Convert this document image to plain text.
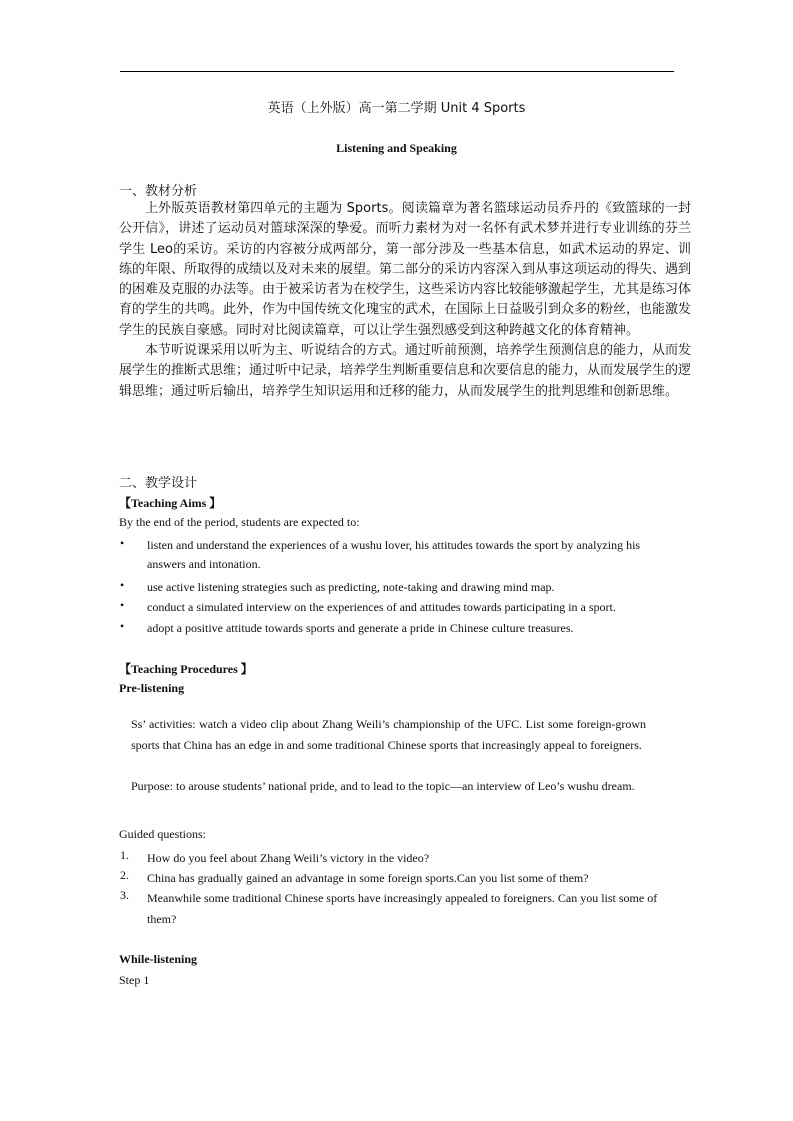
· · · · · · · · ·
英语（上外版）高一第二学期 Unit 4 Sports
Listening and Speaking
一、教材分析

上外版英语教材第四单元的主题为 Sports。阅读篇章为著名篮球运动员乔丹的《致篮球的一封公开信》，讲述了运动员对篮球深深的挚爱。而听力素材为对一名怀有武术梦并进行专业训练的芬兰学生 Leo的采访。采访的内容被分成两部分，第一部分涉及一些基本信息，如武术运动的界定、训练的年限、所取得的成绩以及对未来的展望。第二部分的采访内容深入到从事这项运动的得失、遇到的困难及克服的办法等。由于被采访者为在校学生，这些采访内容比较能够激起学生，尤其是练习体育的学生的共鸣。此外，作为中国传统文化瑰宝的武术，在国际上日益吸引到众多的粉丝，也能激发学生的民族自豪感。同时对比阅读篇章，可以让学生强烈感受到这种跨越文化的体育精神。

本节听说课采用以听为主、听说结合的方式。通过听前预测，培养学生预测信息的能力，从而发展学生的推断式思维；通过听中记录，培养学生判断重要信息和次要信息的能力，从而发展学生的逻辑思维；通过听后输出，培养学生知识运用和迁移的能力，从而发展学生的批判思维和创新思维。

二、教学设计
【Teaching Aims 】
By the end of the period, students are expected to:
• listen and understand the experiences of a wushu lover, his attitudes towards the sport by analyzing his answers and intonation.
• use active listening strategies such as predicting, note-taking and drawing mind map.
• conduct a simulated interview on the experiences of and attitudes towards participating in a sport.
• adopt a positive attitude towards sports and generate a pride in Chinese culture treasures.
【Teaching Procedures 】
Pre-listening

Ss’ activities: watch a video clip about Zhang Weili’s championship of the UFC. List some foreign-grown sports that China has an edge in and some traditional Chinese sports that increasingly appeal to foreigners.

Purpose: to arouse students’ national pride, and to lead to the topic—an interview of Leo’s wushu dream.

Guided questions:
1. How do you feel about Zhang Weili’s victory in the video?
2. China has gradually gained an advantage in some foreign sports.Can you list some of them?
3. Meanwhile some traditional Chinese sports have increasingly appealed to foreigners. Can you list some of them?
While-listening
Step 1
